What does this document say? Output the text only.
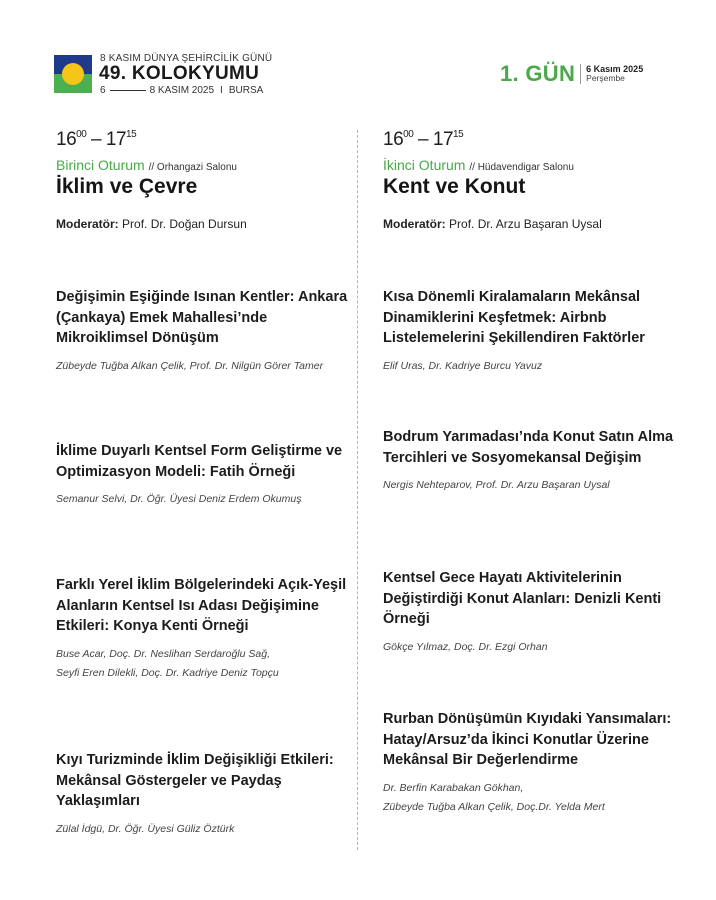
8 KASIM DÜNYA ŞEHİRCİLİK GÜNÜ
49. KOLOKYUMU
6	8 KASIM 2025 I BURSA
1. GÜN 6 Kasım 2025
Perşembe
$16^{00} - 17^{15}$
Birinci Oturum // Orhangazi Salonu
İklim ve Çevre
Moderatör: Prof. Dr. Doğan Dursun
Değişimin Eşiğinde Isınan Kentler: Ankara (Çankaya) Emek Mahallesi’nde Mikroiklimsel Dönüşüm
Zübeyde Tuğba Alkan Çelik, Prof. Dr. Nilgün Görer Tamer
İklime Duyarlı Kentsel Form Geliştirme ve Optimizasyon Modeli: Fatih Örneği
Semanur Selvi, Dr. Öğr. Üyesi Deniz Erdem Okumuş
Farklı Yerel İklim Bölgelerindeki Açık-Yeşil Alanların Kentsel Isı Adası Değişimine Etkileri: Konya Kenti Örneği
Buse Acar, Doç. Dr. Neslihan Serdaroğlu Sağ,
Seyfi Eren Dilekli, Doç. Dr. Kadriye Deniz Topçu
Kıyı Turizminde İklim Değişikliği Etkileri: Mekânsal Göstergeler ve Paydaş Yaklaşımları
Zülal İdgü, Dr. Öğr. Üyesi Güliz Öztürk
$16^{00} - 17^{15}$
İkinci Oturum // Hüdavendigar Salonu
Kent ve Konut
Moderatör: Prof. Dr. Arzu Başaran Uysal
Kısa Dönemli Kiralamaların Mekânsal Dinamiklerini Keşfetmek: Airbnb Listelemelerini Şekillendiren Faktörler
Elif Uras, Dr. Kadriye Burcu Yavuz
Bodrum Yarımadası’nda Konut Satın Alma Tercihleri ve Sosyomekansal Değişim
Nergis Nehteparov, Prof. Dr. Arzu Başaran Uysal
Kentsel Gece Hayatı Aktivitelerinin Değiştirdiği Konut Alanları: Denizli Kenti Örneği
Gökçe Yılmaz, Doç. Dr. Ezgi Orhan
Rurban Dönüşümün Kıyıdaki Yansımaları: Hatay/Arsuz’da İkinci Konutlar Üzerine Mekânsal Bir Değerlendirme
Dr. Berfin Karabakan Gökhan,
Zübeyde Tuğba Alkan Çelik, Doç.Dr. Yelda Mert
